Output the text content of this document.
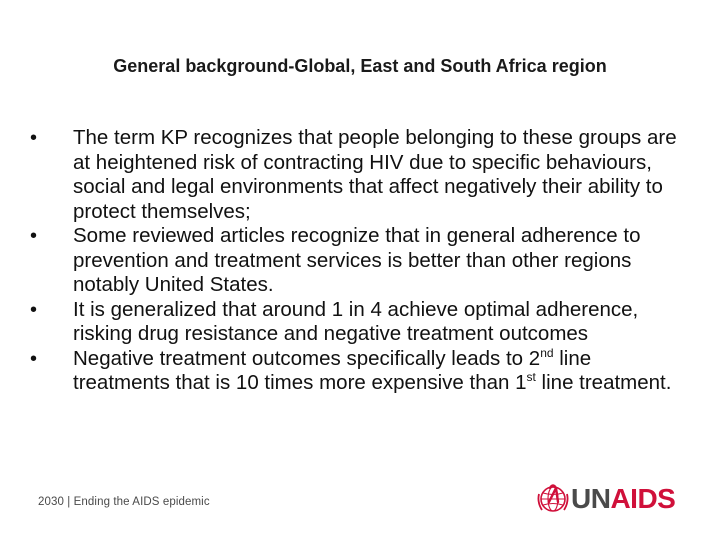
General background-Global, East and South Africa region
• The term KP recognizes that people belonging to these groups are at heightened risk of contracting HIV due to specific behaviours, social and legal environments that affect negatively their ability to protect themselves;
• Some reviewed articles recognize that in general adherence to prevention and treatment services is better than other regions notably United States.
• It is generalized that around 1 in 4 achieve optimal adherence, risking drug resistance and negative treatment outcomes
• Negative treatment outcomes specifically leads to 2nd line treatments that is 10 times more expensive than 1st line treatment.
2030 | Ending the AIDS epidemic	UNAIDS
